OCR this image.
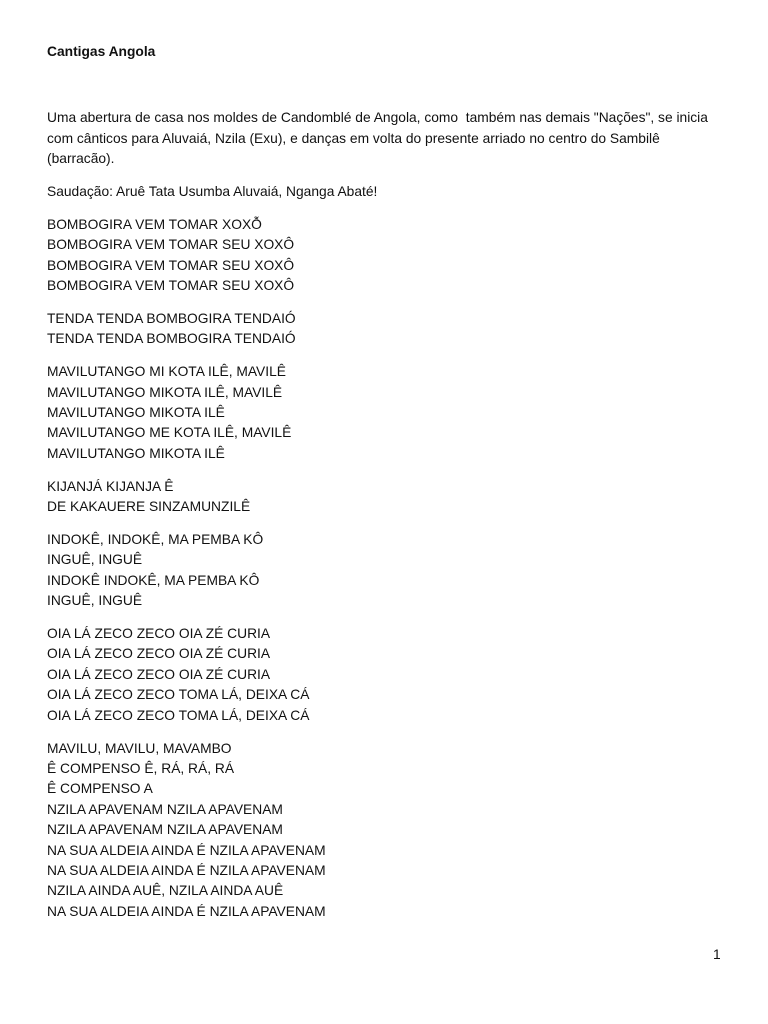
Cantigas Angola
Uma abertura de casa nos moldes de Candomblé de Angola, como  também nas demais "Nações", se inicia
com cânticos para Aluvaiá, Nzila (Exu), e danças em volta do presente arriado no centro do Sambilê
(barracão).
Saudação: Aruê Tata Usumba Aluvaiá, Nganga Abaté!
BOMBOGIRA VEM TOMAR XOXỖ
BOMBOGIRA VEM TOMAR SEU XOXÔ
BOMBOGIRA VEM TOMAR SEU XOXÔ
BOMBOGIRA VEM TOMAR SEU XOXÔ
TENDA TENDA BOMBOGIRA TENDAIÓ
TENDA TENDA BOMBOGIRA TENDAIÓ
MAVILUTANGO MI KOTA ILÊ, MAVILÊ
MAVILUTANGO MIKOTA ILÊ, MAVILÊ
MAVILUTANGO MIKOTA ILÊ
MAVILUTANGO ME KOTA ILÊ, MAVILÊ
MAVILUTANGO MIKOTA ILÊ
KIJANJÁ KIJANJA Ê
DE KAKAUERE SINZAMUNZILÊ
INDOKÊ, INDOKÊ, MA PEMBA KÔ
INGUÊ, INGUÊ
INDOKÊ INDOKÊ, MA PEMBA KÔ
INGUÊ, INGUÊ
OIA LÁ ZECO ZECO OIA ZÉ CURIA
OIA LÁ ZECO ZECO OIA ZÉ CURIA
OIA LÁ ZECO ZECO OIA ZÉ CURIA
OIA LÁ ZECO ZECO TOMA LÁ, DEIXA CÁ
OIA LÁ ZECO ZECO TOMA LÁ, DEIXA CÁ
MAVILU, MAVILU, MAVAMBO
Ê COMPENSO Ê, RÁ, RÁ, RÁ
Ê COMPENSO A
NZILA APAVENAM NZILA APAVENAM
NZILA APAVENAM NZILA APAVENAM
NA SUA ALDEIA AINDA É NZILA APAVENAM
NA SUA ALDEIA AINDA É NZILA APAVENAM
NZILA AINDA AUÊ, NZILA AINDA AUÊ
NA SUA ALDEIA AINDA É NZILA APAVENAM
1
